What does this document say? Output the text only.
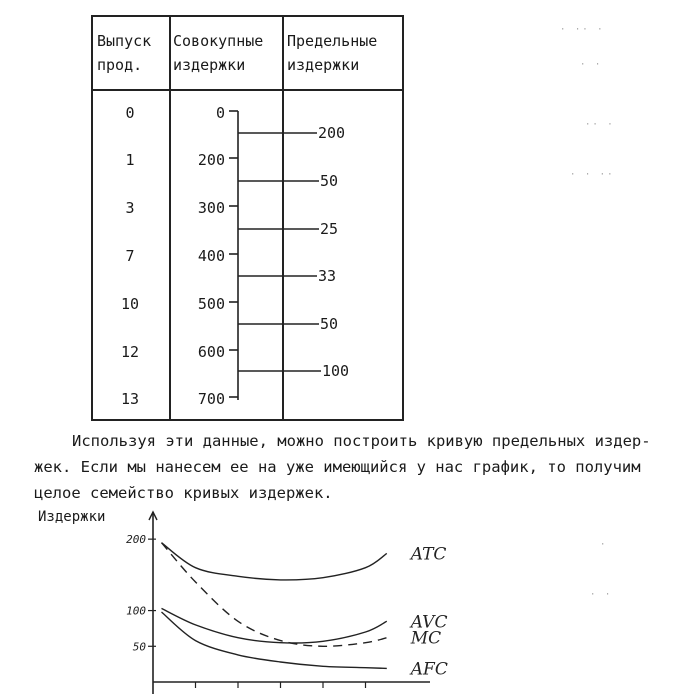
Выпуск
прод.
Совокупные
издержки
Предельные
издержки
0
1
3
7
10
12
13
0
200
300
400
500
600
700
200
50
25
33
50
100
Используя эти данные, можно построить кривую предельных издер-
жек. Если мы нанесем ее на уже имеющийся у нас график, то получим
целое семейство кривых издержек.
Издержки
200
100
50
ATC
AVC
MC
AFC
· ·· ·
· ·
·· ·
· · ··
·
· ·
